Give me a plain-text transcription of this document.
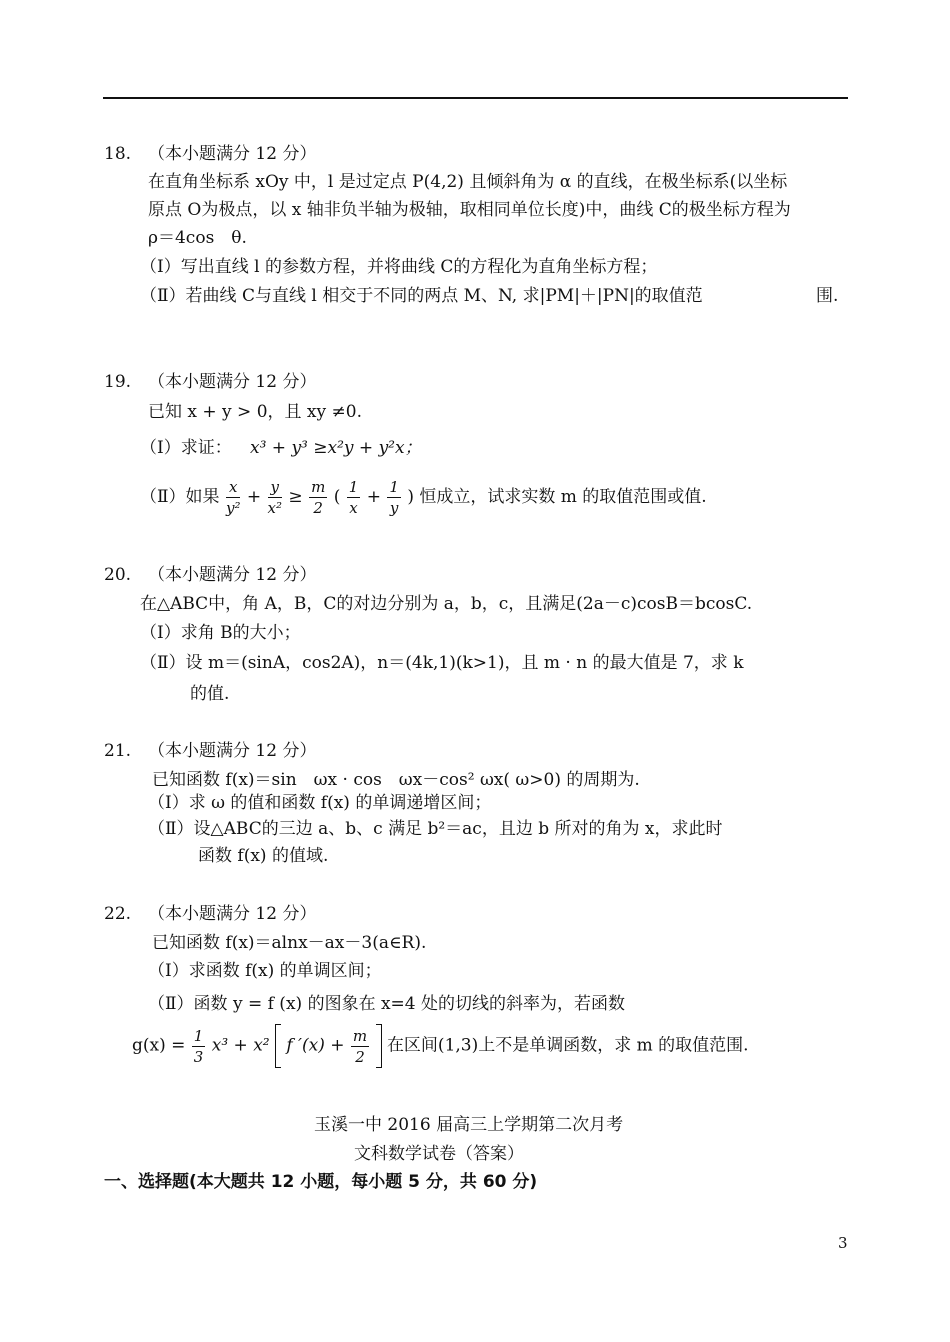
18. （本小题满分 12 分）
在直角坐标系 xOy 中，l 是过定点 P(4,2) 且倾斜角为 α 的直线，在极坐标系(以坐标
原点 O为极点，以 x 轴非负半轴为极轴，取相同单位长度)中，曲线 C的极坐标方程为
ρ＝4cos　θ.
（Ⅰ）写出直线 l 的参数方程，并将曲线 C的方程化为直角坐标方程；
（Ⅱ）若曲线 C与直线 l 相交于不同的两点 M、N, 求|PM|＋|PN|的取值范	围.
19. （本小题满分 12 分）
已知 x + y > 0，且 xy ≠0.
（Ⅰ）求证： x³ + y³ ≥x²y + y²x；
（Ⅱ）如果 $\frac{x}{\text{y²}} + \frac{y}{\text{x²}} \ge \frac{m}{2}$ ( $\frac{1}{x} + \frac{1}{y}$ ) 恒成立，试求实数 m 的取值范围或值.
20. （本小题满分 12 分）
在△ABC中，角 A，B，C的对边分别为 a，b，c，且满足(2a－c)cosB＝bcosC.
（Ⅰ）求角 B的大小；
（Ⅱ）设 m＝(sinA，cos2A)，n＝(4k,1)(k>1)，且 m · n 的最大值是 7，求 k
的值.
21. （本小题满分 12 分）
已知函数 f(x)＝sin　ωx · cos　ωx－cos² ωx( ω>0) 的周期为.
（Ⅰ）求 ω 的值和函数 f(x) 的单调递增区间；
（Ⅱ）设△ABC的三边 a、b、c 满足 b²＝ac，且边 b 所对的角为 x，求此时
函数 f(x) 的值域.
22. （本小题满分 12 分）
已知函数 f(x)＝alnx－ax－3(a∈R).
（Ⅰ）求函数 f(x) 的单调区间；
（Ⅱ）函数 y = f (x) 的图象在 x=4 处的切线的斜率为，若函数
$g(x) = \frac{1}{3} x^3 + x^2$ f $'(x) + \frac{m}{2}$ 在区间(1,3)上不是单调函数，求 m 的取值范围.
玉溪一中 2016 届高三上学期第二次月考
文科数学试卷（答案）
一、选择题(本大题共 12 小题，每小题 5 分，共 60 分)
3
